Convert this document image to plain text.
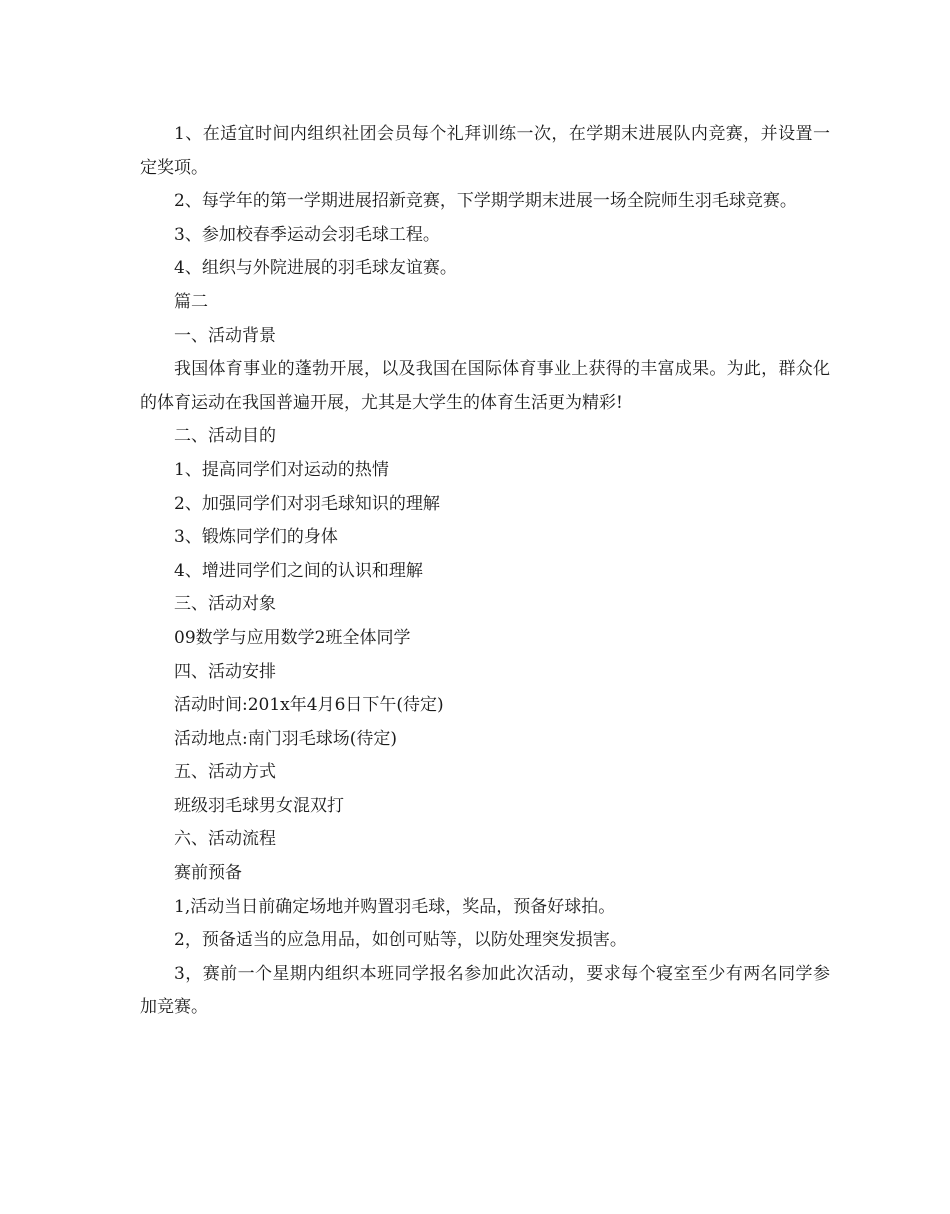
1、在适宜时间内组织社团会员每个礼拜训练一次，在学期末进展队内竞赛，并设置一定奖项。

2、每学年的第一学期进展招新竞赛，下学期学期末进展一场全院师生羽毛球竞赛。

3、参加校春季运动会羽毛球工程。

4、组织与外院进展的羽毛球友谊赛。

篇二

一、活动背景

我国体育事业的蓬勃开展，以及我国在国际体育事业上获得的丰富成果。为此，群众化的体育运动在我国普遍开展，尤其是大学生的体育生活更为精彩!

二、活动目的

1、提高同学们对运动的热情

2、加强同学们对羽毛球知识的理解

3、锻炼同学们的身体

4、增进同学们之间的认识和理解

三、活动对象

09数学与应用数学2班全体同学

四、活动安排

活动时间:201x年4月6日下午(待定)

活动地点:南门羽毛球场(待定)

五、活动方式

班级羽毛球男女混双打

六、活动流程

赛前预备

1,活动当日前确定场地并购置羽毛球，奖品，预备好球拍。

2，预备适当的应急用品，如创可贴等，以防处理突发损害。

3，赛前一个星期内组织本班同学报名参加此次活动，要求每个寝室至少有两名同学参加竞赛。
